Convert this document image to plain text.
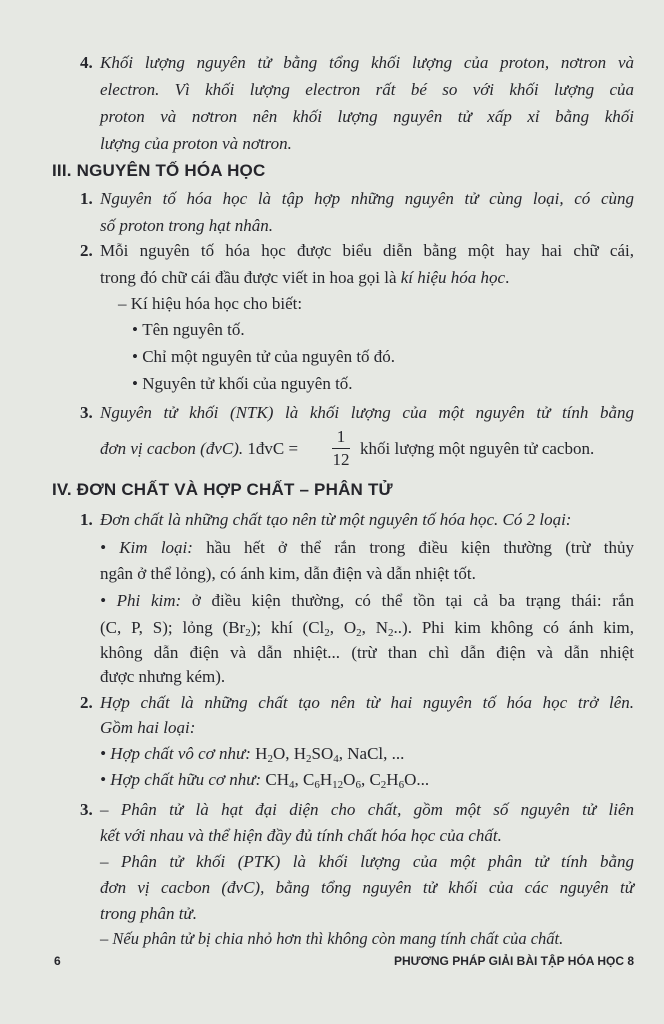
4. Khối lượng nguyên tử bằng tổng khối lượng của proton, nơtron và
electron. Vì khối lượng electron rất bé so với khối lượng của
proton và nơtron nên khối lượng nguyên tử xấp xỉ bằng khối
lượng của proton và nơtron.
III. NGUYÊN TỐ HÓA HỌC
1. Nguyên tố hóa học là tập hợp những nguyên tử cùng loại, có cùng
số proton trong hạt nhân.
2. Mỗi nguyên tố hóa học được biểu diễn bằng một hay hai chữ cái,
trong đó chữ cái đầu được viết in hoa gọi là kí hiệu hóa học.
– Kí hiệu hóa học cho biết:
• Tên nguyên tố.
• Chỉ một nguyên tử của nguyên tố đó.
• Nguyên tử khối của nguyên tố.
3. Nguyên tử khối (NTK) là khối lượng của một nguyên tử tính bằng
đơn vị cacbon (đvC). 1đvC =
1
12
khối lượng một nguyên tử cacbon.
IV. ĐƠN CHẤT VÀ HỢP CHẤT – PHÂN TỬ
1. Đơn chất là những chất tạo nên từ một nguyên tố hóa học. Có 2 loại:
• Kim loại: hầu hết ở thể rắn trong điều kiện thường (trừ thủy
ngân ở thể lỏng), có ánh kim, dẫn điện và dẫn nhiệt tốt.
• Phi kim: ở điều kiện thường, có thể tồn tại cả ba trạng thái: rắn
(C, P, S); lỏng $(Br_2)$; khí ($Cl_2$, $O_2$, $N_2$..). Phi kim không có ánh kim,
không dẫn điện và dẫn nhiệt... (trừ than chì dẫn điện và dẫn nhiệt
được nhưng kém).
2. Hợp chất là những chất tạo nên từ hai nguyên tố hóa học trở lên.
Gồm hai loại:
• Hợp chất vô cơ như: $H_2O$, $H_2SO_4$, NaCl, ...
• Hợp chất hữu cơ như: $CH_4$, $C_6H_{12}O_6$, $C_2H_6O$...
3. – Phân tử là hạt đại diện cho chất, gồm một số nguyên tử liên
kết với nhau và thể hiện đầy đủ tính chất hóa học của chất.
– Phân tử khối (PTK) là khối lượng của một phân tử tính bằng
đơn vị cacbon (đvC), bằng tổng nguyên tử khối của các nguyên tử
trong phân tử.
– Nếu phân tử bị chia nhỏ hơn thì không còn mang tính chất của chất.
6	PHƯƠNG PHÁP GIẢI BÀI TẬP HÓA HỌC 8
